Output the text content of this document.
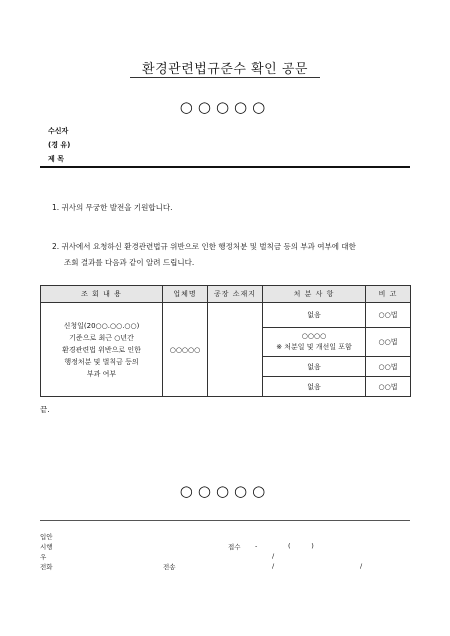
환경관련법규준수 확인 공문
○○○○○
수신자
(경 유)
제 목
1. 귀사의 무궁한 발전을 기원합니다.
2. 귀사에서 요청하신 환경관련법규 위반으로 인한 행정처분 및 벌칙금 등의 부과 여부에 대한
조회 결과를 다음과 같이 알려 드립니다.
조 회 내 용	업체명	공장 소재지	처 분 사 항	비 고

신청일(20○○.○○.○○)
기준으로 최근 ○년간
환경관련법 위반으로 인한
행정처분 및 벌칙금 등의
부과 여부	○○○○○		없음	○○법

			○○○○
※ 처분일 및 개선일 포함	○○법
			없음	○○법
			없음	○○법
끝.
○○○○○
입안
시행	접수 -	(          )
우	/
전화	전송	/	/
